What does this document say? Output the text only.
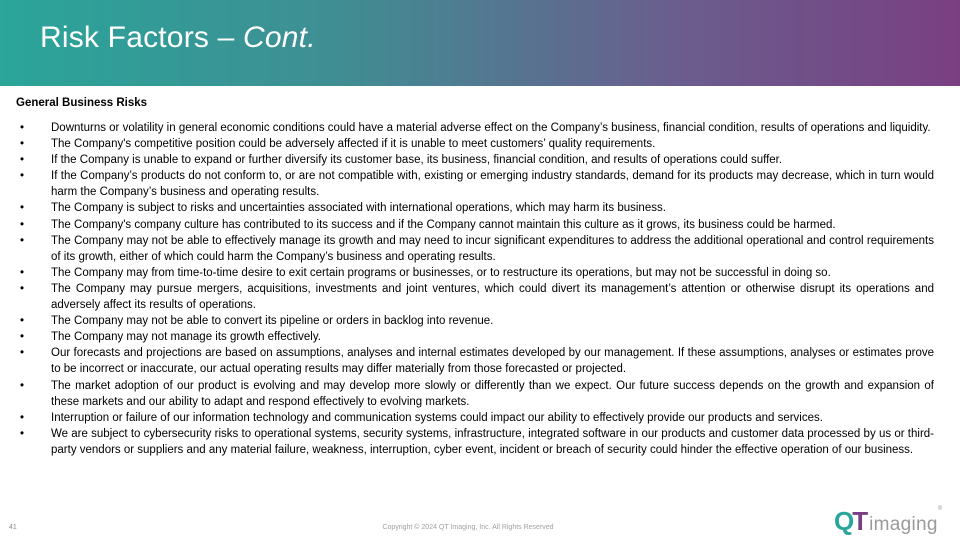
Risk Factors – Cont.
General Business Risks
•	Downturns or volatility in general economic conditions could have a material adverse effect on the Company’s business, financial condition, results of operations and liquidity.
•	The Company's competitive position could be adversely affected if it is unable to meet customers’ quality requirements.
•	If the Company is unable to expand or further diversify its customer base, its business, financial condition, and results of operations could suffer.
•	If the Company’s products do not conform to, or are not compatible with, existing or emerging industry standards, demand for its products may decrease, which in turn would harm the Company’s business and operating results.
•	The Company is subject to risks and uncertainties associated with international operations, which may harm its business.
•	The Company's company culture has contributed to its success and if the Company cannot maintain this culture as it grows, its business could be harmed.
•	The Company may not be able to effectively manage its growth and may need to incur significant expenditures to address the additional operational and control requirements of its growth, either of which could harm the Company’s business and operating results.
•	The Company may from time-to-time desire to exit certain programs or businesses, or to restructure its operations, but may not be successful in doing so.
•	The Company may pursue mergers, acquisitions, investments and joint ventures, which could divert its management’s attention or otherwise disrupt its operations and adversely affect its results of operations.
•	The Company may not be able to convert its pipeline or orders in backlog into revenue.
•	The Company may not manage its growth effectively.
•	Our forecasts and projections are based on assumptions, analyses and internal estimates developed by our management. If these assumptions, analyses or estimates prove to be incorrect or inaccurate, our actual operating results may differ materially from those forecasted or projected.
•	The market adoption of our product is evolving and may develop more slowly or differently than we expect. Our future success depends on the growth and expansion of these markets and our ability to adapt and respond effectively to evolving markets.
•	Interruption or failure of our information technology and communication systems could impact our ability to effectively provide our products and services.
•	We are subject to cybersecurity risks to operational systems, security systems, infrastructure, integrated software in our products and customer data processed by us or third-party vendors or suppliers and any material failure, weakness, interruption, cyber event, incident or breach of security could hinder the effective operation of our business.
41	Copyright © 2024 QT Imaging, Inc. All Rights Reserved	QTimaging®
